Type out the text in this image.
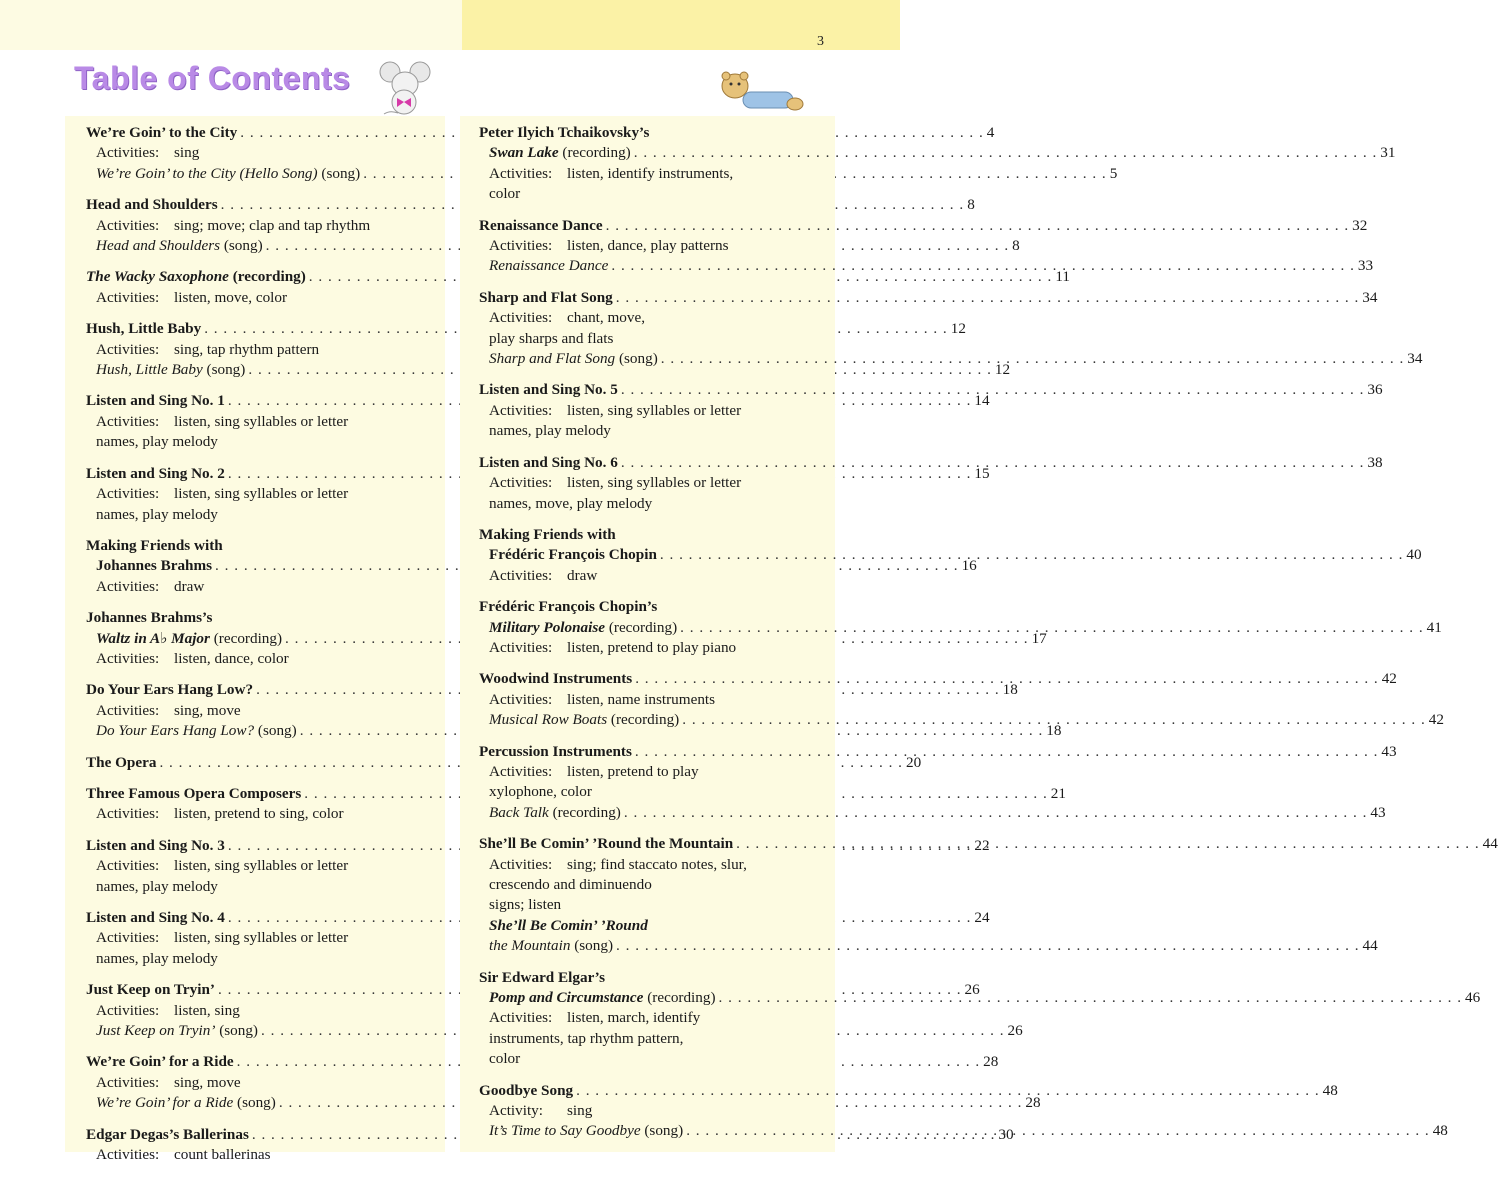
3
Table of Contents
We’re Goin’ to the City . . .	4
Activities: sing
We’re Goin’ to the City (Hello Song) (song) . . .	5
Head and Shoulders . . .	8
Activities: sing; move; clap and tap rhythm
Head and Shoulders (song) . . .	8
The Wacky Saxophone (recording) . . .	11
Activities: listen, move, color
Hush, Little Baby . . .	12
Activities: sing, tap rhythm pattern
Hush, Little Baby (song) . . .	12
Listen and Sing No. 1 . . .	14
Activities: listen, sing syllables or letter
names, play melody
Listen and Sing No. 2 . . .	15
Activities: listen, sing syllables or letter
names, play melody
Making Friends with
Johannes Brahms . . .	16
Activities: draw
Johannes Brahms’s
Waltz in A♭ Major (recording) . . .	17
Activities: listen, dance, color
Do Your Ears Hang Low? . . .	18
Activities: sing, move
Do Your Ears Hang Low? (song) . . .	18
The Opera . . .	20
Three Famous Opera Composers . . .	21
Activities: listen, pretend to sing, color
Listen and Sing No. 3 . . .	22
Activities: listen, sing syllables or letter
names, play melody
Listen and Sing No. 4 . . .	24
Activities: listen, sing syllables or letter
names, play melody
Just Keep on Tryin’ . . .	26
Activities: listen, sing
Just Keep on Tryin’ (song) . . .	26
We’re Goin’ for a Ride . . .	28
Activities: sing, move
We’re Goin’ for a Ride (song) . . .	28
Edgar Degas’s Ballerinas . . .	30
Activities: count ballerinas
Peter Ilyich Tchaikovsky’s
Swan Lake (recording) . . .	31
Activities: listen, identify instruments,
color
Renaissance Dance . . .	32
Activities: listen, dance, play patterns
Renaissance Dance . . .	33
Sharp and Flat Song . . .	34
Activities: chant, move,
play sharps and flats
Sharp and Flat Song (song) . . .	34
Listen and Sing No. 5 . . .	36
Activities: listen, sing syllables or letter
names, play melody
Listen and Sing No. 6 . . .	38
Activities: listen, sing syllables or letter
names, move, play melody
Making Friends with
Frédéric François Chopin . . .	40
Activities: draw
Frédéric François Chopin’s
Military Polonaise (recording) . . .	41
Activities: listen, pretend to play piano
Woodwind Instruments . . .	42
Activities: listen, name instruments
Musical Row Boats (recording) . . .	42
Percussion Instruments . . .	43
Activities: listen, pretend to play
xylophone, color
Back Talk (recording) . . .	43
She’ll Be Comin’ ’Round the Mountain . . .	44
Activities: sing; find staccato notes, slur,
crescendo and diminuendo
signs; listen
She’ll Be Comin’ ’Round
the Mountain (song) . . .	44
Sir Edward Elgar’s
Pomp and Circumstance (recording) . . .	46
Activities: listen, march, identify
instruments, tap rhythm pattern,
color
Goodbye Song . . .	48
Activity:	sing
It’s Time to Say Goodbye (song) . . .	48
